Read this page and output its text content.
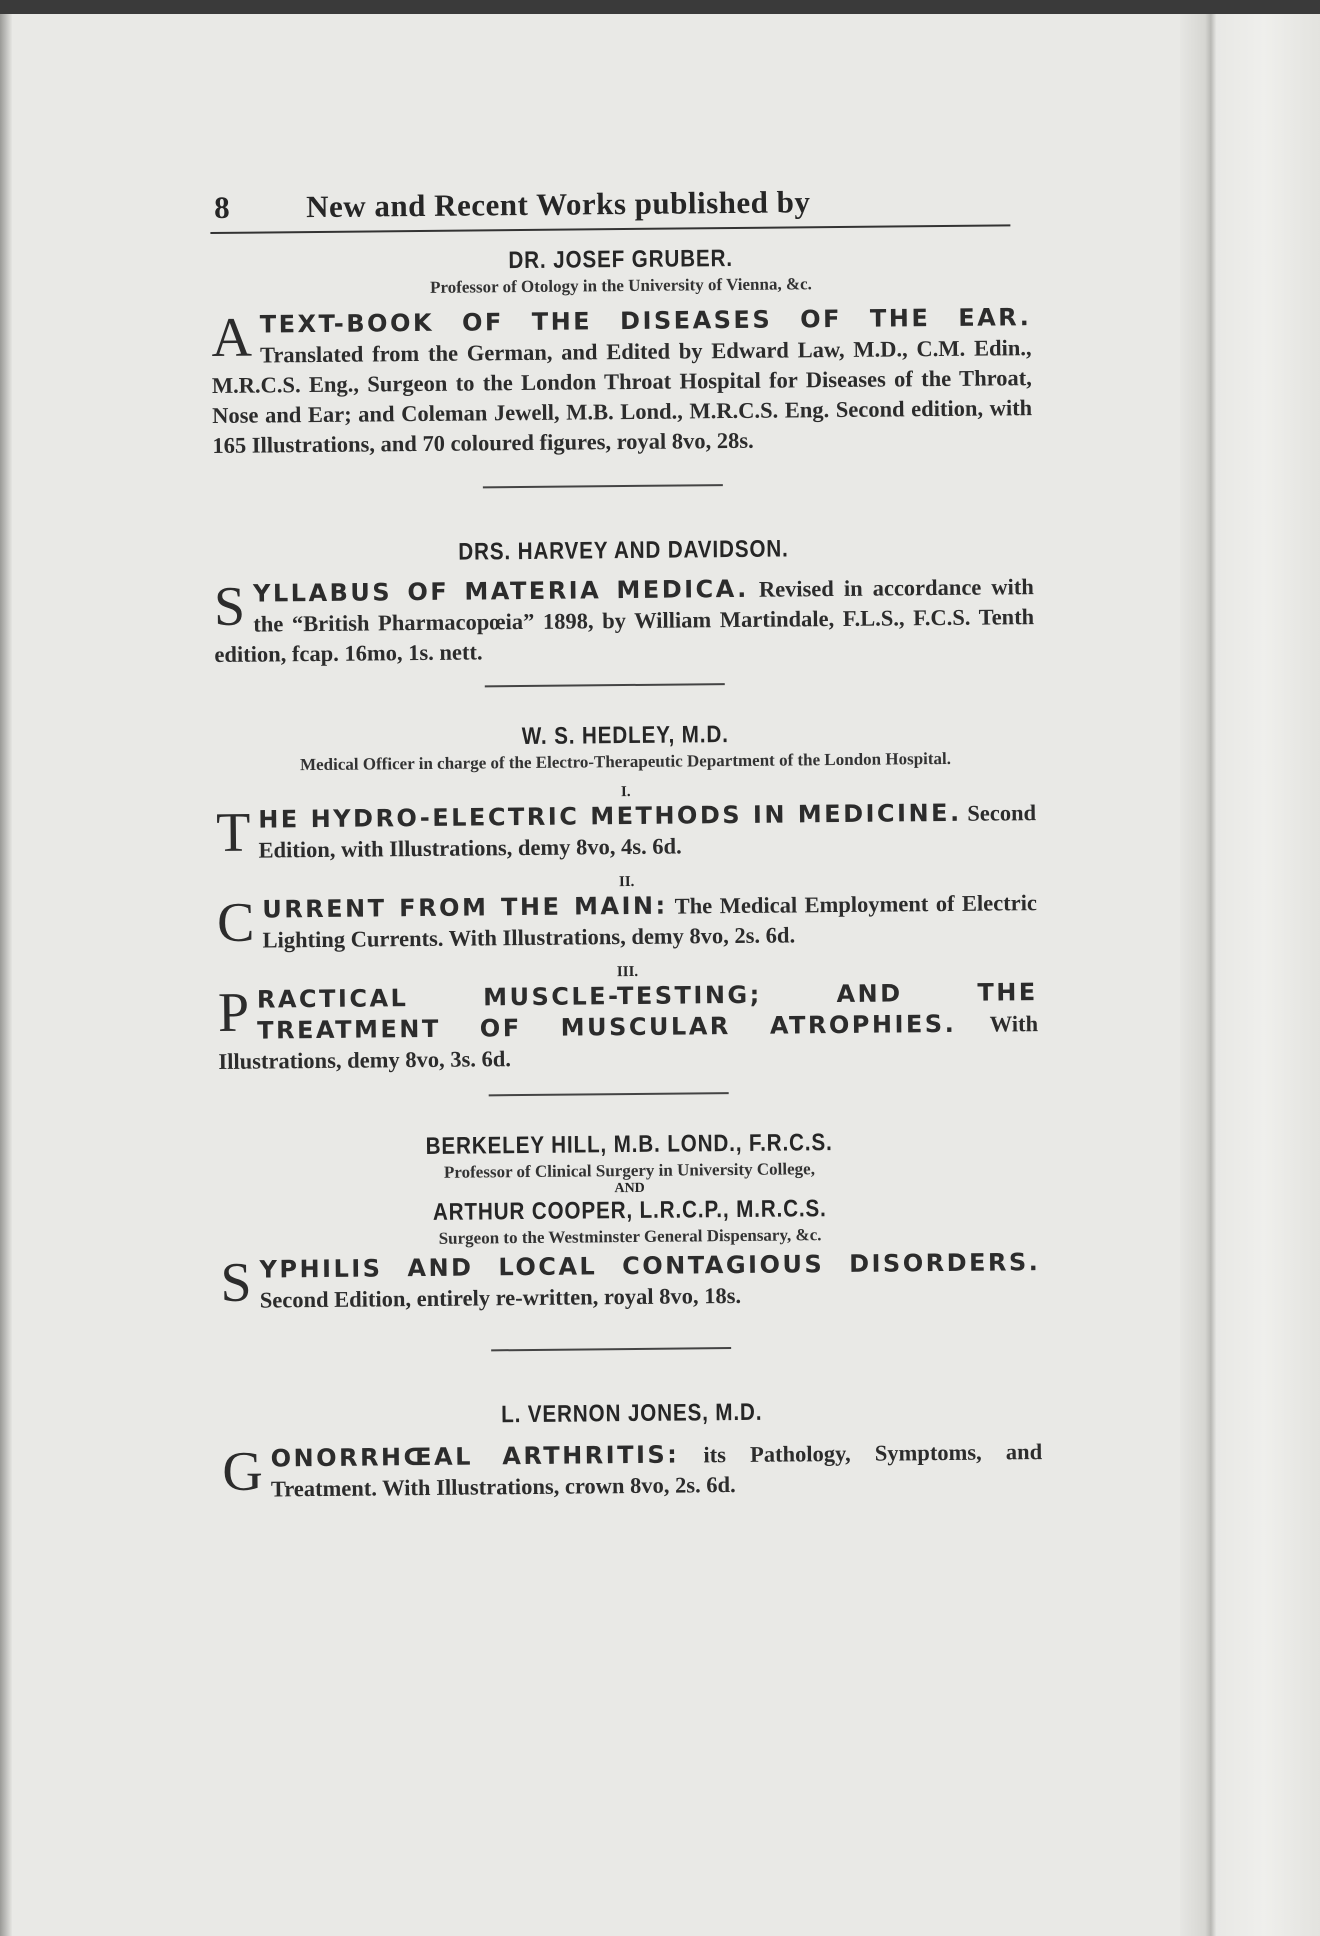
8	New and Recent Works published by

DR. JOSEF GRUBER.

Professor of Otology in the University of Vienna, &c.

A TEXT-BOOK OF THE DISEASES OF THE EAR. Translated from the German, and Edited by Edward Law, M.D., C.M. Edin., M.R.C.S. Eng., Surgeon to the London Throat Hospital for Diseases of the Throat, Nose and Ear; and Coleman Jewell, M.B. Lond., M.R.C.S. Eng. Second edition, with 165 Illustrations, and 70 coloured figures, royal 8vo, 28s.

DRS. HARVEY AND DAVIDSON.

S YLLABUS OF MATERIA MEDICA. Revised in accordance with the “British Pharmacopœia” 1898, by William Martindale, F.L.S., F.C.S. Tenth edition, fcap. 16mo, 1s. nett.

W. S. HEDLEY, M.D.

Medical Officer in charge of the Electro-Therapeutic Department of the London Hospital.

I.

T HE HYDRO-ELECTRIC METHODS IN MEDICINE. Second Edition, with Illustrations, demy 8vo, 4s. 6d.

II.

C URRENT FROM THE MAIN: The Medical Employment of Electric Lighting Currents. With Illustrations, demy 8vo, 2s. 6d.

III.

P RACTICAL MUSCLE-TESTING; AND THE TREATMENT OF MUSCULAR ATROPHIES. With Illustrations, demy 8vo, 3s. 6d.

BERKELEY HILL, M.B. LOND., F.R.C.S.

Professor of Clinical Surgery in University College,

AND

ARTHUR COOPER, L.R.C.P., M.R.C.S.

Surgeon to the Westminster General Dispensary, &c.

S YPHILIS AND LOCAL CONTAGIOUS DISORDERS. Second Edition, entirely re-written, royal 8vo, 18s.

L. VERNON JONES, M.D.

G ONORRHŒAL ARTHRITIS: its Pathology, Symptoms, and Treatment. With Illustrations, crown 8vo, 2s. 6d.
